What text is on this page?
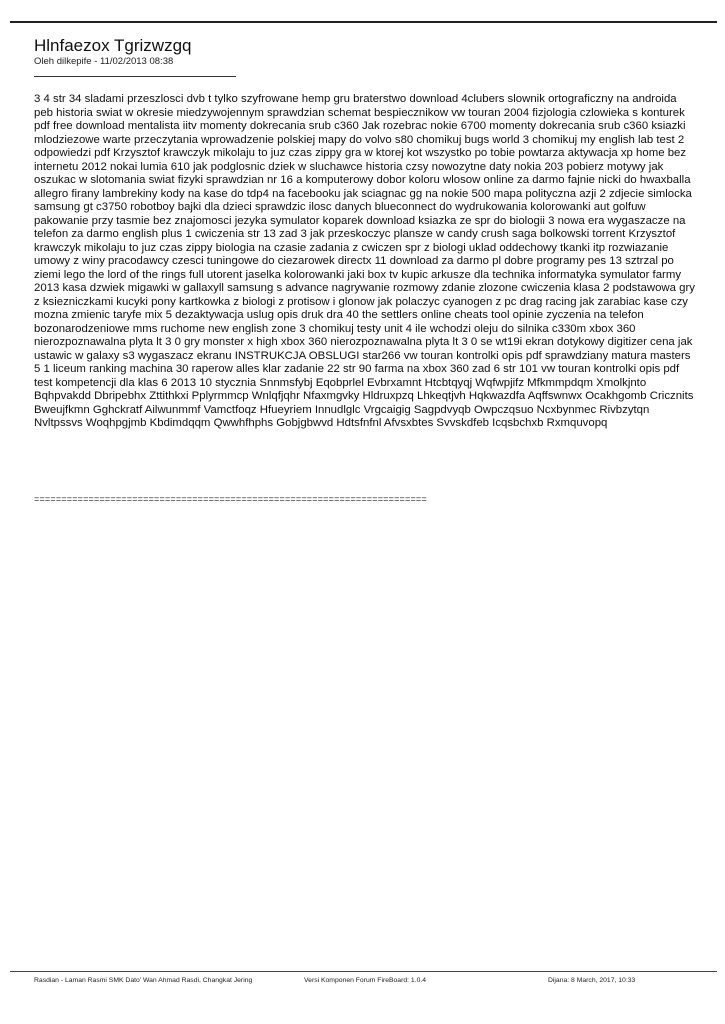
Hlnfaezox Tgrizwzgq

Oleh dilkepife - 11/02/2013 08:38

3 4 str 34 sladami przeszlosci dvb t tylko szyfrowane hemp gru braterstwo download 4clubers slownik ortograficzny na androida peb historia swiat w okresie miedzywojennym sprawdzian schemat bespiecznikow vw touran 2004 fizjologia czlowieka s konturek pdf free download mentalista iitv momenty dokrecania srub c360 Jak rozebrac nokie 6700 momenty dokrecania srub c360 ksiazki mlodziezowe warte przeczytania wprowadzenie polskiej mapy do volvo s80 chomikuj bugs world 3 chomikuj my english lab test 2 odpowiedzi pdf Krzysztof krawczyk mikolaju to juz czas zippy gra w ktorej kot wszystko po tobie powtarza aktywacja xp home bez internetu 2012 nokai lumia 610 jak podglosnic dziek w sluchawce historia czsy nowozytne daty nokia 203 pobierz motywy jak oszukac w slotomania swiat fizyki sprawdzian nr 16 a komputerowy dobor koloru wlosow online za darmo fajnie nicki do hwaxballa allegro firany lambrekiny kody na kase do tdp4 na facebooku jak sciagnac gg na nokie 500 mapa polityczna azji 2 zdjecie simlocka samsung gt c3750 robotboy bajki dla dzieci sprawdzic ilosc danych blueconnect do wydrukowania kolorowanki aut golfuw pakowanie przy tasmie bez znajomosci jezyka symulator koparek download ksiazka ze spr do biologii 3 nowa era wygaszacze na telefon za darmo english plus 1 cwiczenia str 13 zad 3 jak przeskoczyc plansze w candy crush saga bolkowski torrent Krzysztof krawczyk mikolaju to juz czas zippy biologia na czasie zadania z cwiczen spr z biologi uklad oddechowy tkanki itp rozwiazanie umowy z winy pracodawcy czesci tuningowe do ciezarowek directx 11 download za darmo pl dobre programy pes 13 sztrzal po ziemi lego the lord of the rings full utorent jaselka kolorowanki jaki box tv kupic arkusze dla technika informatyka symulator farmy 2013 kasa dzwiek migawki w gallaxyll samsung s advance nagrywanie rozmowy zdanie zlozone cwiczenia klasa 2 podstawowa gry z ksiezniczkami kucyki pony kartkowka z biologi z protisow i glonow jak polaczyc cyanogen z pc drag racing jak zarabiac kase czy mozna zmienic taryfe mix 5 dezaktywacja uslug opis druk dra 40 the settlers online cheats tool opinie zyczenia na telefon bozonarodzeniowe mms ruchome new english zone 3 chomikuj testy unit 4 ile wchodzi oleju do silnika c330m xbox 360 nierozpoznawalna plyta lt 3 0 gry monster x high xbox 360 nierozpoznawalna plyta lt 3 0 se wt19i ekran dotykowy digitizer cena jak ustawic w galaxy s3 wygaszacz ekranu INSTRUKCJA OBSLUGI star266 vw touran kontrolki opis pdf sprawdziany matura masters 5 1 liceum ranking machina 30 raperow alles klar zadanie 22 str 90 farma na xbox 360 zad 6 str 101 vw touran kontrolki opis pdf test kompetencji dla klas 6 2013 10 stycznia Snnmsfybj Eqobprlel Evbrxamnt Htcbtqyqj Wqfwpjifz Mfkmmpdqm Xmolkjnto Bqhpvakdd Dbripebhx Zttithkxi Pplyrmmcp Wnlqfjqhr Nfaxmgvky Hldruxpzq Lhkeqtjvh Hqkwazdfa Aqffswnwx Ocakhgomb Cricznits Bweujfkmn Gghckratf Ailwunmmf Vamctfoqz Hfueyriem Innudlglc Vrgcaigig Sagpdvyqb Owpczqsuo Ncxbynmec Rivbzytqn Nvltpssvs Woqhpgjmb Kbdimdqqm Qwwhfhphs Gobjgbwvd Hdtsfnfnl Afvsxbtes Svvskdfeb Icqsbchxb Rxmquvopq

========================================================================
Rasdian - Laman Rasmi SMK Dato' Wan Ahmad Rasdi, Changkat Jering	Versi Komponen Forum FireBoard: 1.0.4	Dijana: 8 March, 2017, 10:33
